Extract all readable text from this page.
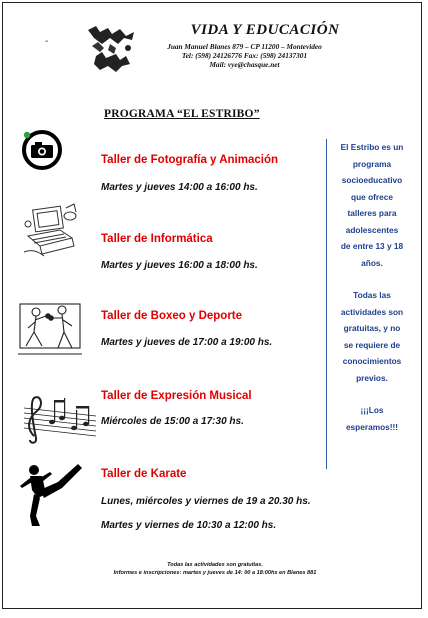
-
VIDA Y EDUCACIÓN
Juan Manuel Blanes 879 – CP 11200 – Montevideo
Tel: (598) 24126776 Fax: (598) 24137301
Mail: vye@chasque.net
PROGRAMA “EL ESTRIBO”
Taller de Fotografía y Animación
Martes y jueves 14:00 a 16:00 hs.
Taller de Informática
Martes y jueves 16:00 a 18:00 hs.
Taller de Boxeo y Deporte
Martes y jueves de 17:00 a 19:00 hs.
Taller de Expresión Musical
Miércoles de 15:00 a 17:30 hs.
Taller de Karate
Lunes, miércoles y viernes de 19 a 20.30 hs.
Martes y viernes de 10:30 a 12:00 hs.

El Estribo es un

programa

socioeducativo

que ofrece

talleres para

adolescentes

de entre 13 y 18

años.

Todas las

actividades son

gratuitas, y no

se requiere de

conocimientos

previos.

¡¡¡Los

esperamos!!!

Todas las actividades son gratuitas.
Informes e inscripciones: martes y jueves de 14: 00 a 18:00hs en Blanes 881
